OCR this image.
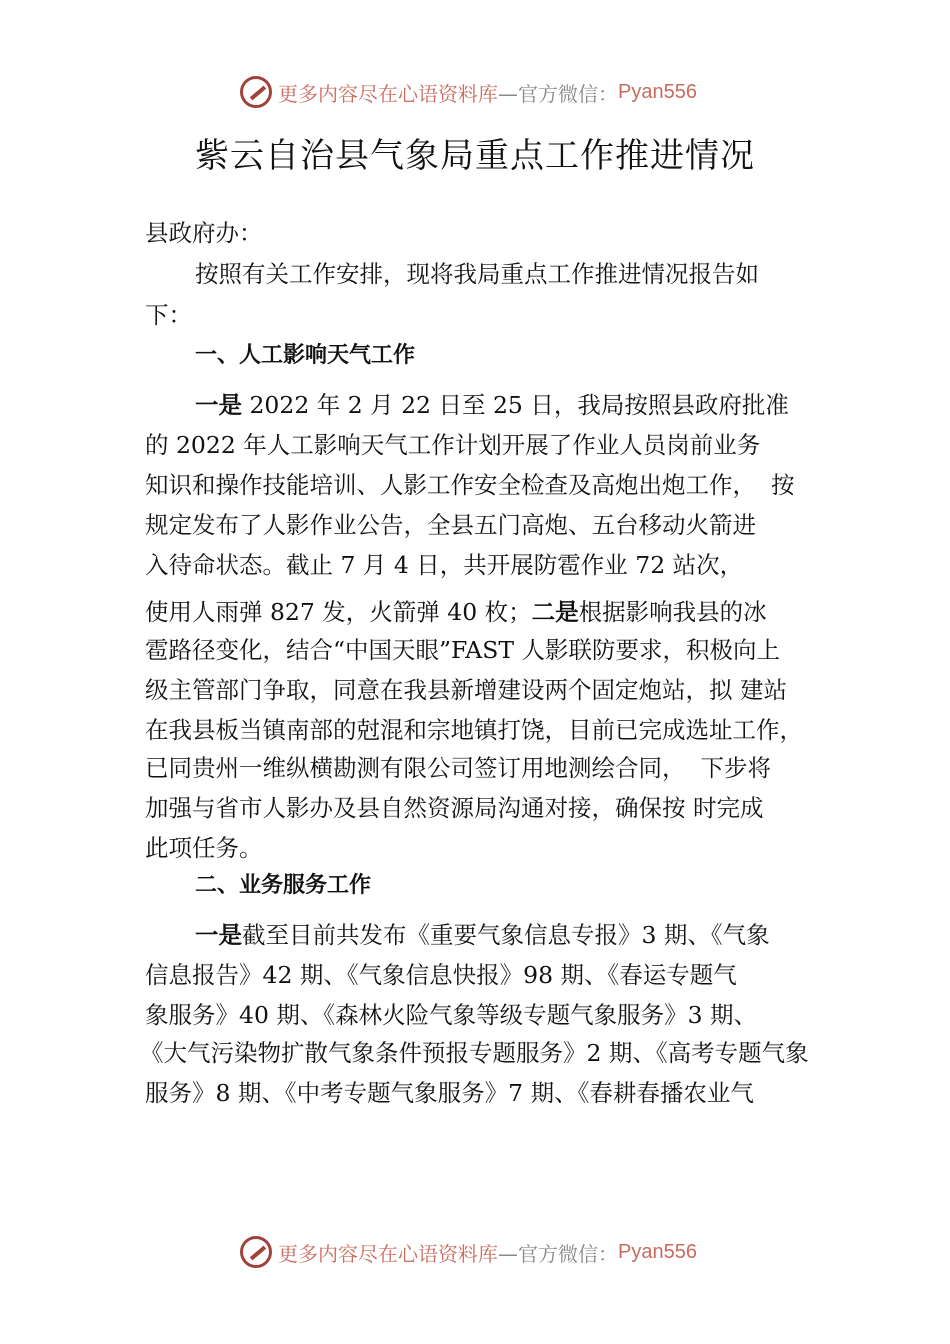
更多内容尽在心语资料库 —官方微信： Pyan556
紫云自治县气象局重点工作推进情况
县政府办：
按照有关工作安排，现将我局重点工作推进情况报告如
下：
一、人工影响天气工作
一是 2022 年 2 月 22 日至 25 日，我局按照县政府批准
的 2022 年人工影响天气工作计划开展了作业人员岗前业务
知识和操作技能培训、人影工作安全检查及高炮出炮工作，  按
规定发布了人影作业公告，全县五门高炮、五台移动火箭进
入待命状态。截止 7 月 4 日，共开展防雹作业 72 站次，
使用人雨弹 827 发，火箭弹 40 枚；二是根据影响我县的冰
雹路径变化，结合“中国天眼”FAST 人影联防要求，积极向上
级主管部门争取，同意在我县新增建设两个固定炮站，拟 建站
在我县板当镇南部的尅混和宗地镇打饶，目前已完成选址工作，
已同贵州一维纵横勘测有限公司签订用地测绘合同，  下步将
加强与省市人影办及县自然资源局沟通对接，确保按 时完成
此项任务。
二、业务服务工作
一是截至目前共发布《重要气象信息专报》3 期、《气象
信息报告》42 期、《气象信息快报》98 期、《春运专题气
象服务》40 期、《森林火险气象等级专题气象服务》3 期、
《大气污染物扩散气象条件预报专题服务》2 期、《高考专题气象
服务》8 期、《中考专题气象服务》7 期、《春耕春播农业气
更多内容尽在心语资料库 —官方微信： Pyan556
